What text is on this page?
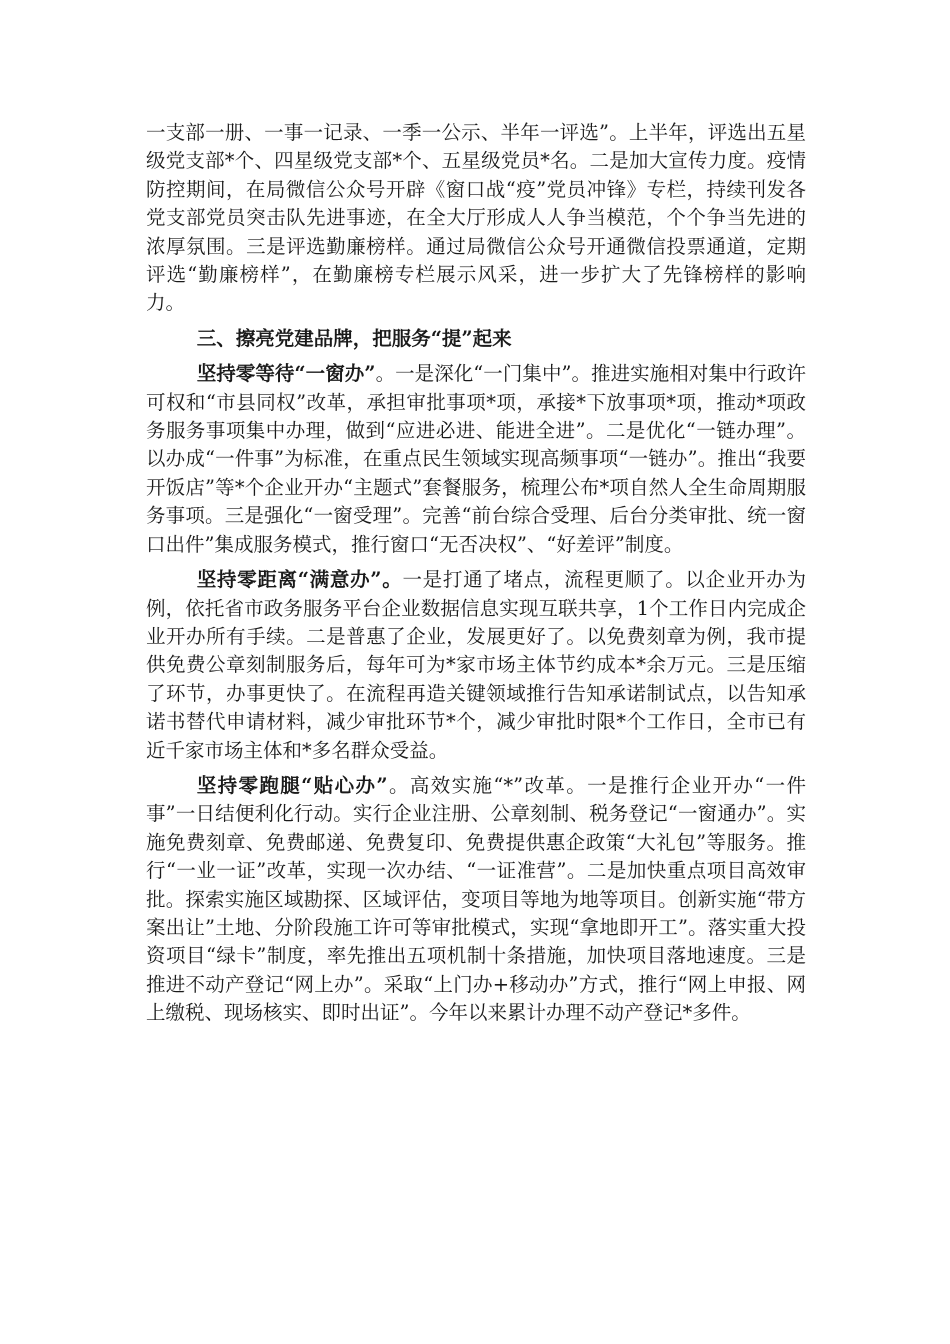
一支部一册、一事一记录、一季一公示、半年一评选”。上半年，评选出五星级党支部*个、四星级党支部*个、五星级党员*名。二是加大宣传力度。疫情防控期间，在局微信公众号开辟《窗口战“疫”党员冲锋》专栏，持续刊发各党支部党员突击队先进事迹，在全大厅形成人人争当模范，个个争当先进的浓厚氛围。三是评选勤廉榜样。通过局微信公众号开通微信投票通道，定期评选“勤廉榜样”，在勤廉榜专栏展示风采，进一步扩大了先锋榜样的影响力。

三、擦亮党建品牌，把服务“提”起来

坚持零等待“一窗办”。一是深化“一门集中”。推进实施相对集中行政许可权和“市县同权”改革，承担审批事项*项，承接*下放事项*项，推动*项政务服务事项集中办理，做到“应进必进、能进全进”。二是优化“一链办理”。以办成“一件事”为标准，在重点民生领域实现高频事项“一链办”。推出“我要开饭店”等*个企业开办“主题式”套餐服务，梳理公布*项自然人全生命周期服务事项。三是强化“一窗受理”。完善“前台综合受理、后台分类审批、统一窗口出件”集成服务模式，推行窗口“无否决权”、“好差评”制度。

坚持零距离“满意办”。一是打通了堵点，流程更顺了。以企业开办为例，依托省市政务服务平台企业数据信息实现互联共享，1个工作日内完成企业开办所有手续。二是普惠了企业，发展更好了。以免费刻章为例，我市提供免费公章刻制服务后，每年可为*家市场主体节约成本*余万元。三是压缩了环节，办事更快了。在流程再造关键领域推行告知承诺制试点，以告知承诺书替代申请材料，减少审批环节*个，减少审批时限*个工作日，全市已有近千家市场主体和*多名群众受益。

坚持零跑腿“贴心办”。高效实施“*”改革。一是推行企业开办“一件事”一日结便利化行动。实行企业注册、公章刻制、税务登记“一窗通办”。实施免费刻章、免费邮递、免费复印、免费提供惠企政策“大礼包”等服务。推行“一业一证”改革，实现一次办结、“一证准营”。二是加快重点项目高效审批。探索实施区域勘探、区域评估，变项目等地为地等项目。创新实施“带方案出让”土地、分阶段施工许可等审批模式，实现“拿地即开工”。落实重大投资项目“绿卡”制度，率先推出五项机制十条措施，加快项目落地速度。三是推进不动产登记“网上办”。采取“上门办+移动办”方式，推行“网上申报、网上缴税、现场核实、即时出证”。今年以来累计办理不动产登记*多件。
